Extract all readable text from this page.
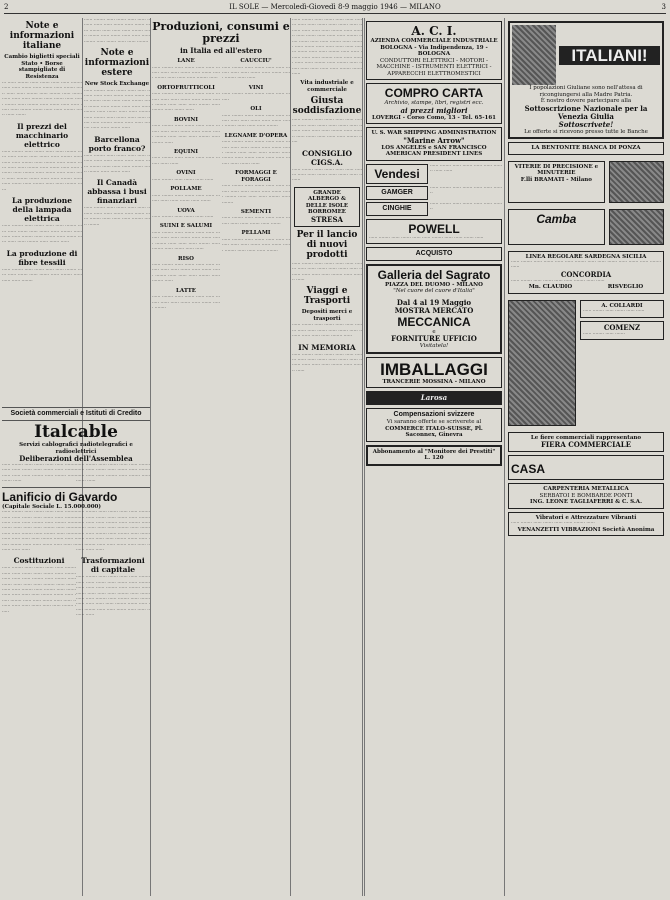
2	IL SOLE — Mercoledì-Giovedì 8-9 maggio 1946 — MILANO	3
Note e informazioni italiane
Cambio biglietti speciali Stato • Borse stampigliate di Resistenza

··· ······ ········ ······ ······· ······ ······ ········ ······ ······ ······· ······ ······· ······ ········ ······ ······ ······ ········ ······ ········ ······ ······· ······ ······ ······ ········ ······ ······· ······ ······ ········ ······ ········ ······ ······· ······ ······ ······ ······ ········ ······· ······ ······ ········ ······ ······ ·······

Il prezzi del macchinario elettrico

······ ········ ······ ······· ······ ······ ········ ······ ······ ······· ······ ······· ······ ········ ······ ······ ······ ········ ······ ········ ······ ······· ······ ······ ······ ········ ······ ······· ······ ······ ········ ······ ········ ······ ······· ······ ······ ······ ······ ········ ······· ······ ······ ········ ······ ······ ······· ······ ········ ······ ······ ········ ······

La produzione della lampada elettrica

······ ········ ······ ······· ······ ······ ········ ······ ······ ······· ······ ······· ······ ········ ······ ······ ······ ········ ······ ········ ······ ······· ······ ······ ······ ········ ······ ······· ······

La produzione di fibre tessili

······ ········ ······ ······· ······ ······ ········ ······ ······ ······· ······ ······· ······ ········ ······ ······ ······ ········

······ ········ ······ ······· ······ ······ ········ ······ ······ ······· ······ ······· ······ ········ ······ ······ ······ ········ ······ ········ ······ ······· ······ ······ ······ ········ ······ ······· ······ ······ ········

Note e informazioni estere
New Stock Exchange

······ ········ ······ ······· ······ ······ ········ ······ ······ ······· ······ ······· ······ ········ ······ ······ ······ ········ ······ ········ ······ ······· ······ ······ ······ ········ ······ ······· ······ ······ ········ ······ ········ ······ ······· ······ ······ ······ ······ ········ ······· ······ ······ ········ ······ ······ ······· ······

Barcellona porto franco?

······ ········ ······ ······· ······ ······ ········ ······ ······ ······· ······ ······· ······ ········ ······ ······ ······ ········ ······ ········ ······ ······· ······

Il Canadà abbassa i busi finanziari

······ ········ ······ ······· ······ ······ ········ ······ ······ ······· ······ ······· ······ ········ ······ ······ ······ ········ ······ ········

Società commerciali e Istituti di Credito
Italcable
Servizi cablografici radiotelegrafici e radioelettrici
Deliberazioni dell'Assemblea

······ ········ ······ ······· ······ ······ ········ ······ ······ ······· ······ ······· ······ ········ ······ ······ ······ ········ ······ ········ ······ ······· ······

······ ········ ······ ······· ······ ······ ········ ······ ······ ······· ······ ······· ······ ········ ······ ······ ······ ········ ······ ········ ······ ······· ······

Lanificio di Gavardo
(Capitale Sociale L. 15.000.000)

······ ········ ······ ······· ······ ······ ········ ······ ······ ······· ······ ······· ······ ········ ······ ······ ······ ········ ······ ········ ······ ······· ······ ······ ······ ········ ······ ······· ······ ······ ········ ······ ········ ······ ······· ······ ······ ······ ······ ········ ······· ······ ······ ········ ······ ······ ······· ······ ······ ········ ······ ······

······ ········ ······ ······· ······ ······ ········ ······ ······ ······· ······ ······· ······ ········ ······ ······ ······ ········ ······ ········ ······ ······· ······ ······ ······ ········ ······ ······· ······ ······ ········ ······ ········ ······ ······· ······ ······ ······ ······ ········ ······· ······ ······ ········ ······ ······ ······· ······ ······ ········ ······ ······

Costituzioni

······ ········ ······ ······· ······ ······ ········ ······ ······ ······· ······ ······· ······ ········ ······ ······ ······ ········ ······ ········ ······ ······· ······ ······ ······ ········ ······ ······· ······ ······ ········ ······ ········ ······ ······· ······ ······ ······ ······ ········ ······· ······ ······ ········ ······ ······ ······· ······ ······ ········ ······ ······ ······· ······ ······ ········ ······

Trasformazioni di capitale

······ ········ ······ ······· ······ ······ ········ ······ ······ ······· ······ ······· ······ ········ ······ ······ ······ ········ ······ ········ ······ ······· ······ ······ ······ ········ ······ ······· ······ ······ ········ ······ ········ ······ ······· ······ ······ ······ ······ ········ ······· ······ ······ ········ ······ ······ ······· ······ ······ ········ ······

Produzioni, consumi e prezzi
in Italia ed all'estero
LANE

······ ········ ······ ······· ······ ······ ········ ······ ······ ······· ······ ······· ······ ········ ······ ······ ······ ········ ······

ORTOFRUTTICOLI

······ ········ ······ ······· ······ ······ ········ ······ ······ ······· ······ ······· ······ ········ ······ ······ ······ ········ ······ ········ ······ ······· ······

BOVINI

······ ········ ······ ······· ······ ······ ········ ······ ······ ······· ······ ······· ······ ········ ······ ······ ······ ········ ······ ········ ······

EQUINI

······ ········ ······ ······· ······ ······ ········ ······ ······

OVINI

······ ········ ······ ······· ······ ······

POLLAME

······ ········ ······ ······· ······ ······ ········ ······ ······ ······· ······ ·······

UOVA

······ ········ ······ ······· ······ ······

SUINI E SALUMI

······ ········ ······ ······· ······ ······ ········ ······ ······ ······· ······ ······· ······ ········ ······ ······ ······ ········ ······ ········ ······ ······· ······ ······

RISO

······ ········ ······ ······· ······ ······ ········ ······ ······ ······· ······ ······· ······ ········ ······ ······ ······ ········ ······ ········ ······

LATTE

······ ········ ······ ······· ······ ······ ········ ······ ······ ······· ······ ······· ······ ········

CAUCCIU'

······ ········ ······ ······· ······ ······ ········ ······ ······ ······· ······ ······· ······ ········ ······ ······

VINI

······ ········ ······ ······· ······ ······ ········

OLI

······ ········ ······ ······· ······ ······ ········ ······ ······ ······· ······ ······· ······ ········ ······ ······ ······ ········

LEGNAME D'OPERA

······ ········ ······ ······· ······ ······ ········ ······ ······ ······· ······ ······· ······ ········ ······ ······ ······ ········ ······ ········ ······ ······· ······ ······ ······ ········ ······ ······· ······

FORMAGGI E FORAGGI

······ ········ ······ ······· ······ ······ ········ ······ ······ ······· ······ ······· ······ ········ ······ ······ ······ ········ ······ ········

SEMENTI

······ ········ ······ ······· ······ ······ ········ ······ ······ ······· ······ ·······

PELLAMI

······ ········ ······ ······· ······ ······ ········ ······ ······ ······· ······ ······· ······ ········ ······ ······ ······ ········

······ ········ ······ ······· ······ ······ ········ ······ ······ ······· ······ ······· ······ ········ ······ ······ ······ ········ ······ ········ ······ ······· ······ ······ ······ ········ ······ ······· ······ ······ ········ ······ ········ ······ ······· ······ ······ ······ ······ ········ ······· ······ ······ ········ ······ ······ ······· ······ ······ ········ ······ ······ ······· ······ ······ ········ ······ ········ ······ ······· ······ ······ ······ ······ ········ ······· ······

Vita industriale e commerciale
Giusta soddisfazione

······ ········ ······ ······· ······ ······ ········ ······ ······ ······· ······ ······· ······ ········ ······ ······ ······ ········ ······ ········ ······ ······· ······ ······ ······ ········ ······

CONSIGLIO CIGS.A.

······ ········ ······ ······· ······ ······ ········ ······ ······ ······· ······ ······· ······ ········

GRANDE ALBERGO & DELLE ISOLE BORROMEE
STRESA
Per il lancio di nuovi prodotti

······ ········ ······ ······· ······ ······ ········ ······ ······ ······· ······ ······· ······ ········ ······ ······ ······ ········ ······ ········ ······

Viaggi e Trasporti
Depositi merci e trasporti

······ ········ ······ ······· ······ ······ ········ ······ ······ ······· ······ ······· ······ ········ ······ ······ ······ ········ ······

IN MEMORIA

······ ········ ······ ······· ······ ······ ········ ······ ······ ······· ······ ······· ······ ········ ······ ······ ······ ········ ······ ········ ······

A. C. I.
AZIENDA COMMERCIALE INDUSTRIALE
BOLOGNA - Via Indipendenza, 19 - BOLOGNA
CONDUTTORI ELETTRICI - MOTORI - MACCHINE - ISTRUMENTI ELETTRICI - APPARECCHI ELETTROMESTICI
COMPRO CARTA
Archivio, stampe, libri, registri ecc.
ai prezzi migliori
LOVERGI - Corso Como, 13 - Tel. 65-161
U. S. WAR SHIPPING ADMINISTRATION
"Marine Arrow"
LOS ANGELES e SAN FRANCISCO
AMERICAN PRESIDENT LINES
Vendesi

······ ········ ······ ······· ······ ······ ········ ······ ······

GAMGER

······ ········ ······ ······· ······ ······ ········

CINGHIE

······ ········ ······ ······· ······ ······ ········

POWELL

······ ········ ······ ······· ······ ······ ········ ······ ······ ······· ······

ACQUISTO
Galleria del Sagrato
PIAZZA DEL DUOMO - MILANO
"Nel cuore del cuore d'Italia"
Dal 4 al 19 Maggio
MOSTRA MERCATO
MECCANICA
e
FORNITURE UFFICIO
Visitatela!
IMBALLAGGI
TRANCERIE MOSSINA - MILANO
Larosa
Compensazioni svizzere
Vi saranno offerte se scriverete al
COMMERCE ITALO-SUISSE, Pl. Saconnex, Ginevra
Abbonamento al "Monitore dei Prestiti" L. 120
ITALIANI!
I popolazioni Giuliane sono nell'attesa di ricongiungersi alla Madre Patria.
È nostro dovere partecipare alla
Sottoscrizione Nazionale per la Venezia Giulia
Sottoscrivete!
Le offerte si ricevono presso tutte le Banche
LA BENTONITE BIANCA DI PONZA
VITERIE DI PRECISIONE e MINUTERIE
F.lli BRAMATI - Milano
Camba
LINEA REGOLARE SARDEGNA SICILIA

······ ········ ······ ······· ······ ······ ········ ······ ······ ······· ······ ······· ······ ········ ······

CONCORDIA

······ ········ ······ ······· ······ ······ ········ ······ ······

Mn. CLAUDIO	RISVEGLIO
A. COLLARDI

······ ········ ······ ······· ······ ······

COMENZ

······ ········ ······ ·······

Le fiere commerciali rappresentano
FIERA COMMERCIALE
CASA
CARPENTERIA METALLICA
SERBATOI E BOMBARDE PONTI
ING. LEONE TAGLIAFERRI & C. S.A.
Vibratori e Attrezzature Vibranti

······ ········ ······ ······· ······ ······ ········ ······

VENANZETTI VIBRAZIONI Società Anonima
